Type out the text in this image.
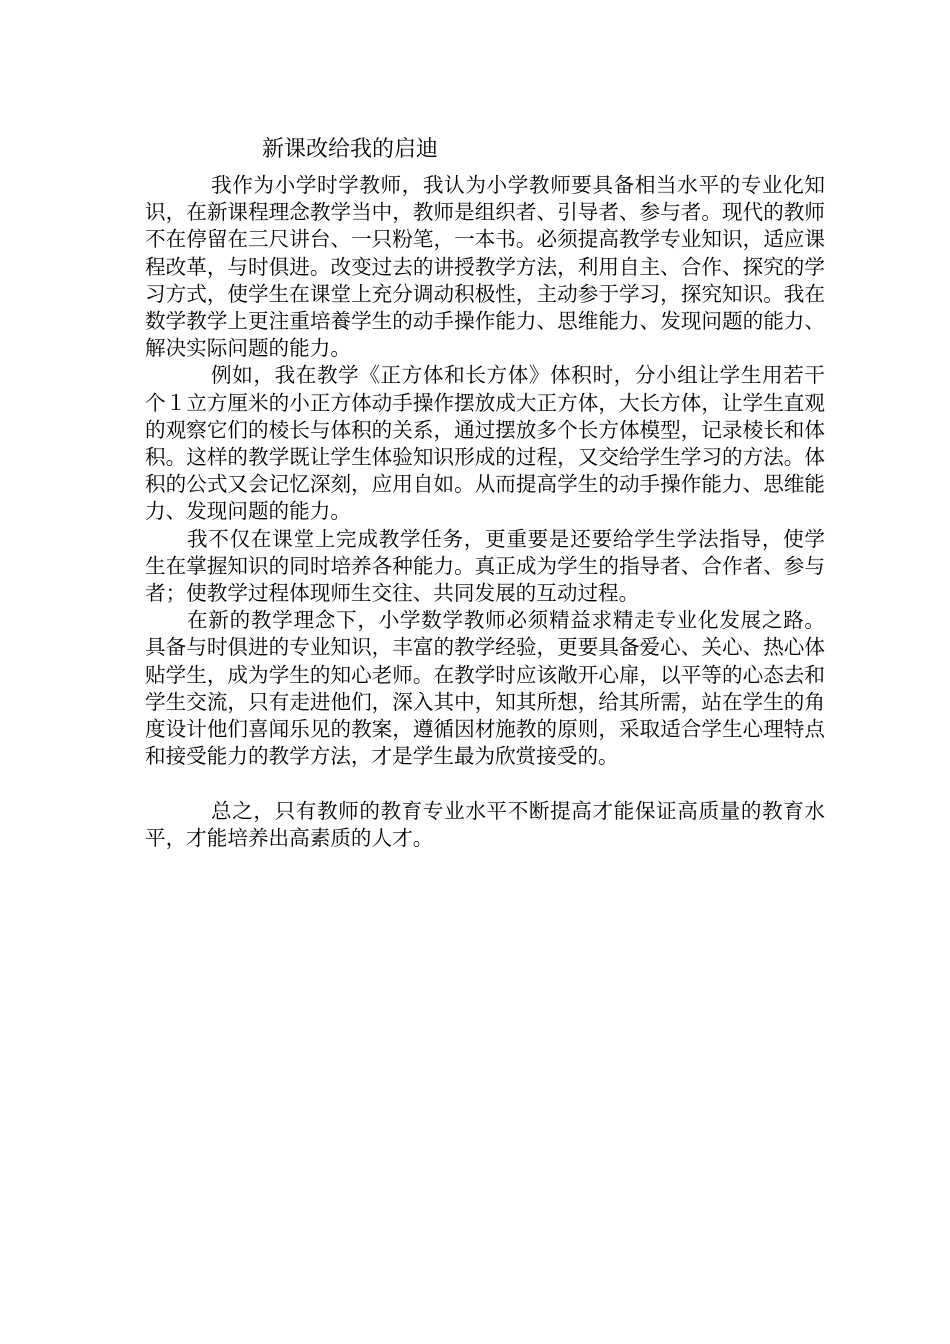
新课改给我的启迪

我作为小学时学教师，我认为小学教师要具备相当水平的专业化知识，在新课程理念教学当中，教师是组织者、引导者、参与者。现代的教师不在停留在三尺讲台、一只粉笔，一本书。必须提高教学专业知识，适应课程改革，与时俱进。改变过去的讲授教学方法，利用自主、合作、探究的学习方式，使学生在课堂上充分调动积极性，主动参于学习，探究知识。我在数学教学上更注重培養学生的动手操作能力、思维能力、发现问题的能力、解决实际问题的能力。

例如，我在教学《正方体和长方体》体积时，分小组让学生用若干个１立方厘米的小正方体动手操作摆放成大正方体，大长方体，让学生直观的观察它们的棱长与体积的关系，通过摆放多个长方体模型，记录棱长和体积。这样的教学既让学生体验知识形成的过程，又交给学生学习的方法。体积的公式又会记忆深刻，应用自如。从而提高学生的动手操作能力、思维能力、发现问题的能力。

我不仅在课堂上完成教学任务，更重要是还要给学生学法指导，使学生在掌握知识的同时培养各种能力。真正成为学生的指导者、合作者、参与者；使教学过程体现师生交往、共同发展的互动过程。

在新的教学理念下，小学数学教师必须精益求精走专业化发展之路。具备与时俱进的专业知识，丰富的教学经验，更要具备爱心、关心、热心体贴学生，成为学生的知心老师。在教学时应该敞开心扉，以平等的心态去和学生交流，只有走进他们，深入其中，知其所想，给其所需，站在学生的角度设计他们喜闻乐见的教案，遵循因材施教的原则，采取适合学生心理特点和接受能力的教学方法，才是学生最为欣赏接受的。

总之，只有教师的教育专业水平不断提高才能保证高质量的教育水平，才能培养出高素质的人才。
